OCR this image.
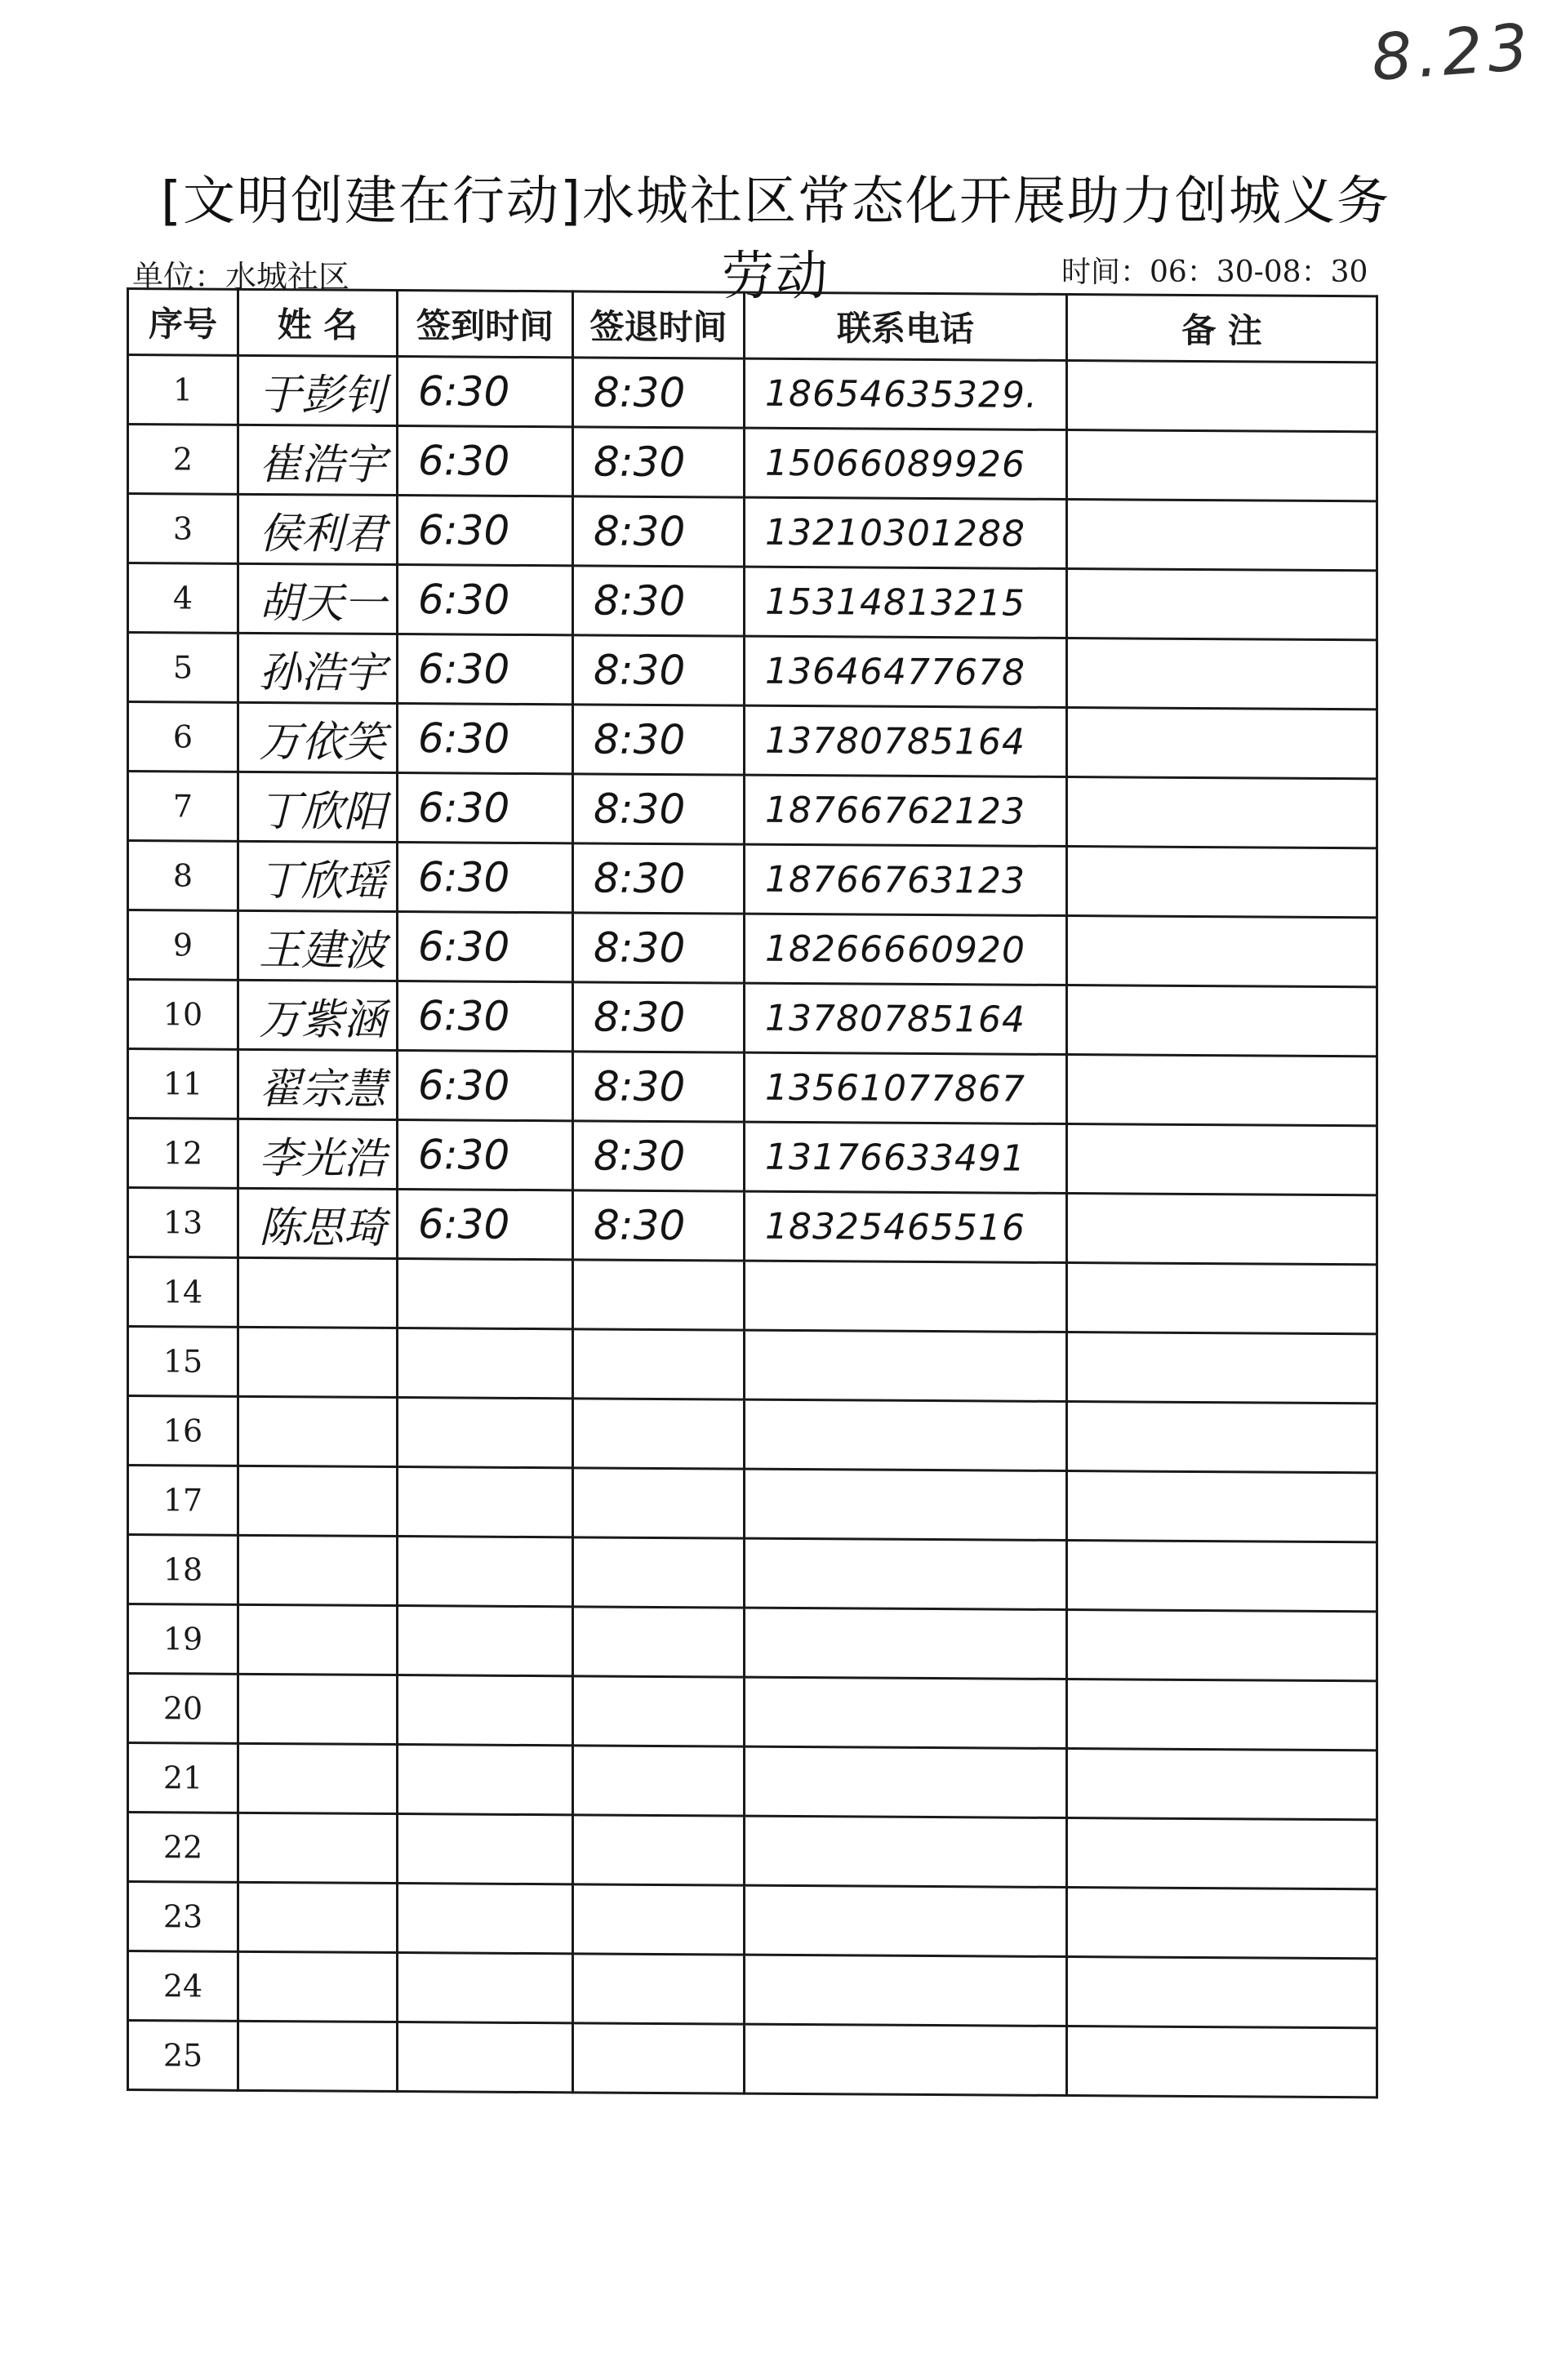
8.23
[文明创建在行动]水城社区常态化开展助力创城义务劳动
单位：水城社区	时间：06：30-08：30
序号	姓 名	签到时间	签退时间	联系电话	备 注
1	于彭钊	6:30	8:30	18654635329.	
2	崔浩宇	6:30	8:30	15066089926	
3	侯利君	6:30	8:30	13210301288	
4	胡天一	6:30	8:30	15314813215	
5	孙浩宇	6:30	8:30	13646477678	
6	万依笑	6:30	8:30	13780785164	
7	丁欣阳	6:30	8:30	18766762123	
8	丁欣瑶	6:30	8:30	18766763123	
9	王建波	6:30	8:30	18266660920	
10	万紫涵	6:30	8:30	13780785164	
11	翟宗慧	6:30	8:30	13561077867	
12	李光浩	6:30	8:30	13176633491	
13	陈思琦	6:30	8:30	18325465516	
14					
15					
16					
17					
18					
19					
20					
21					
22					
23					
24					
25					
